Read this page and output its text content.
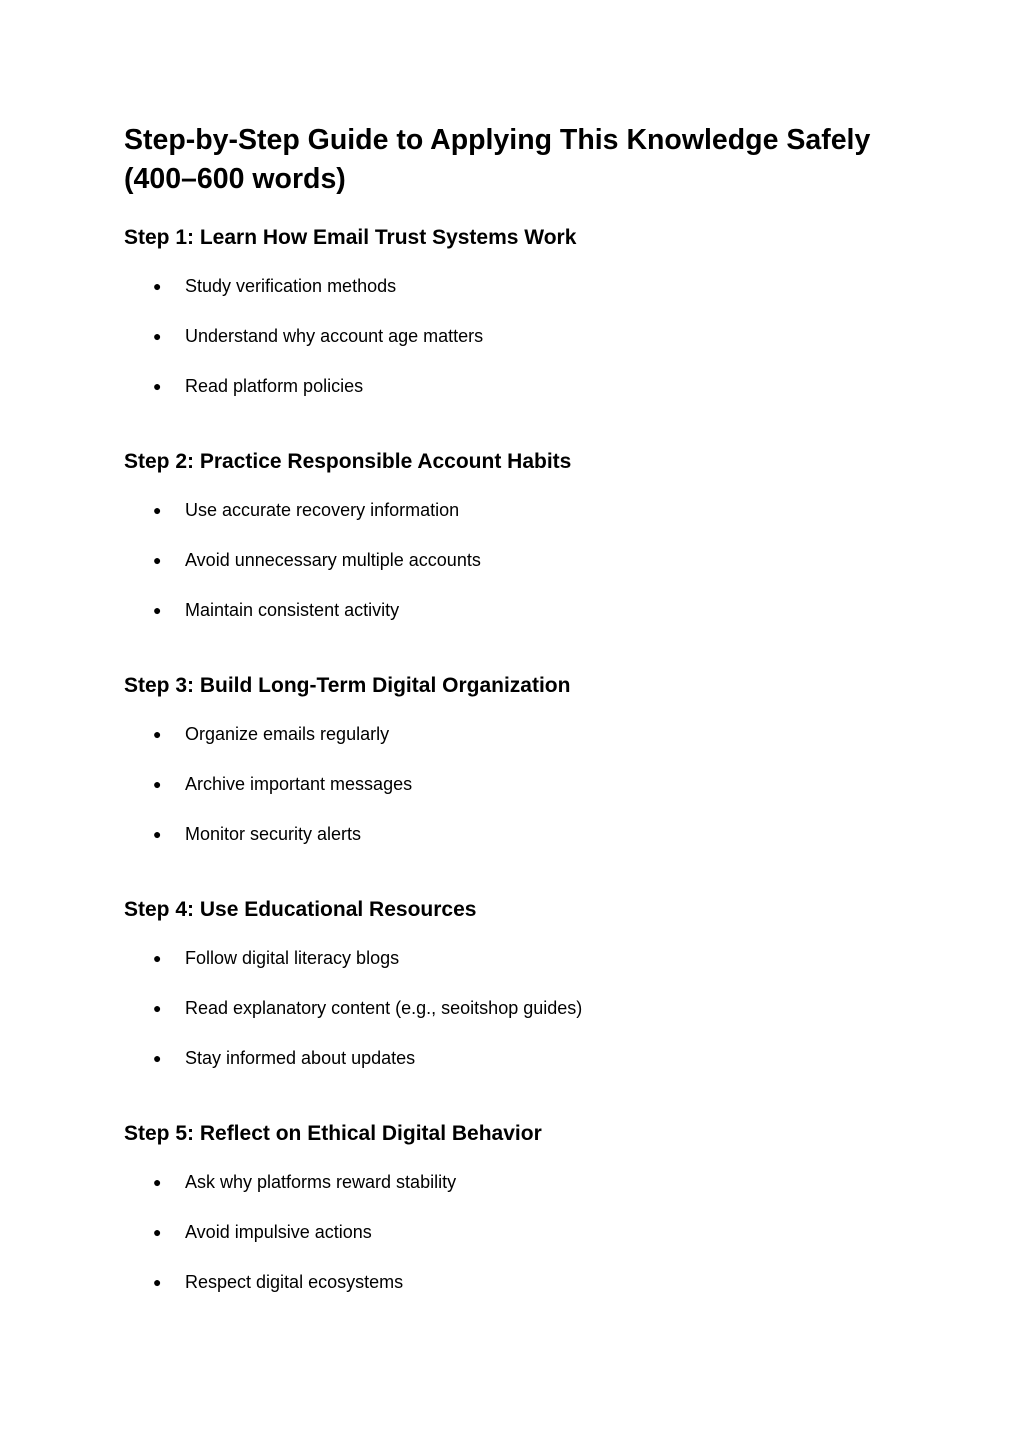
Step-by-Step Guide to Applying This Knowledge Safely (400–600 words)
Step 1: Learn How Email Trust Systems Work
● Study verification methods
● Understand why account age matters
● Read platform policies
Step 2: Practice Responsible Account Habits
● Use accurate recovery information
● Avoid unnecessary multiple accounts
● Maintain consistent activity
Step 3: Build Long-Term Digital Organization
● Organize emails regularly
● Archive important messages
● Monitor security alerts
Step 4: Use Educational Resources
● Follow digital literacy blogs
● Read explanatory content (e.g., seoitshop guides)
● Stay informed about updates
Step 5: Reflect on Ethical Digital Behavior
● Ask why platforms reward stability
● Avoid impulsive actions
● Respect digital ecosystems
